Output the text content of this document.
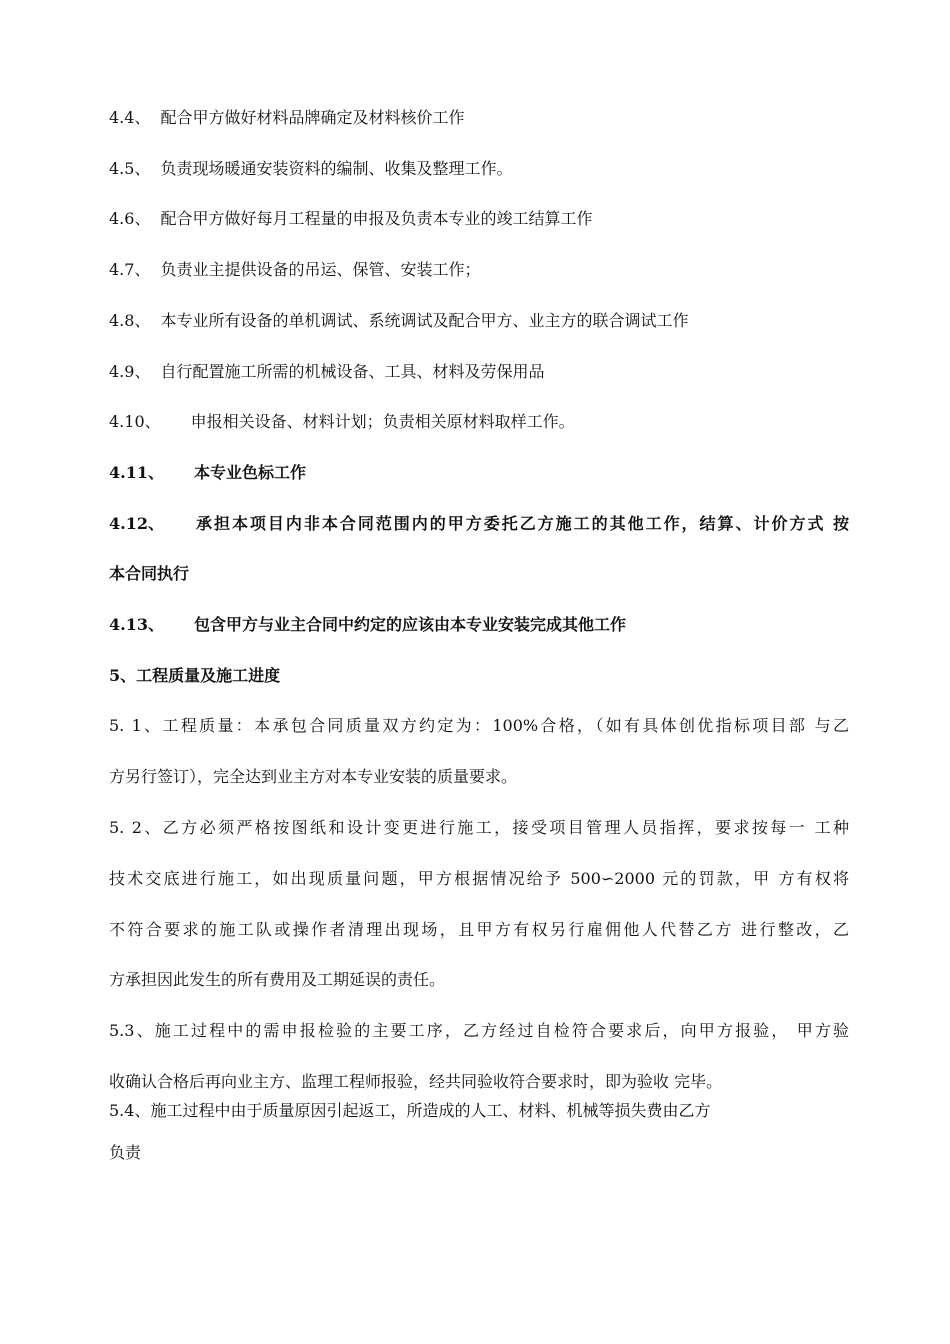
4.4、 配合甲方做好材料品牌确定及材料核价工作
4.5、 负责现场暖通安装资料的编制、收集及整理工作。
4.6、 配合甲方做好每月工程量的申报及负责本专业的竣工结算工作
4.7、 负责业主提供设备的吊运、保管、安装工作；
4.8、 本专业所有设备的单机调试、系统调试及配合甲方、业主方的联合调试工作
4.9、 自行配置施工所需的机械设备、工具、材料及劳保用品
4.10、 申报相关设备、材料计划；负责相关原材料取样工作。
4.11、 本专业色标工作
4.12、 承担本项目内非本合同范围内的甲方委托乙方施工的其他工作，结算、计价方式 按
本合同执行
4.13、 包含甲方与业主合同中约定的应该由本专业安装完成其他工作
5、工程质量及施工进度
5. 1、工程质量：本承包合同质量双方约定为：100%合格，（如有具体创优指标项目部 与乙
方另行签订），完全达到业主方对本专业安装的质量要求。
5. 2、乙方必须严格按图纸和设计变更进行施工，接受项目管理人员指挥，要求按每一 工种
技术交底进行施工，如出现质量问题，甲方根据情况给予 500∽2000 元的罚款，甲 方有权将
不符合要求的施工队或操作者清理出现场，且甲方有权另行雇佣他人代替乙方 进行整改，乙
方承担因此发生的所有费用及工期延误的责任。
5.3、施工过程中的需申报检验的主要工序，乙方经过自检符合要求后，向甲方报验， 甲方验
收确认合格后再向业主方、监理工程师报验，经共同验收符合要求时，即为验收 完毕。
5.4、施工过程中由于质量原因引起返工，所造成的人工、材料、机械等损失费由乙方
负责
